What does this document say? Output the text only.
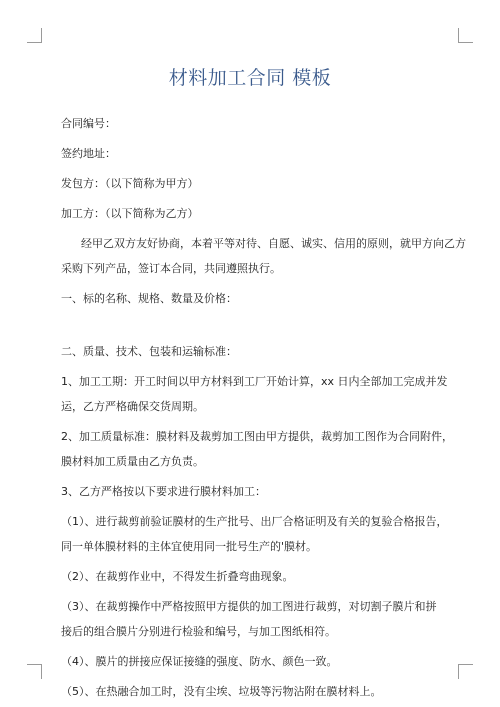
材料加工合同 模板

合同编号：

签约地址：

发包方：（以下简称为甲方）

加工方：（以下简称为乙方）

经甲乙双方友好协商，本着平等对待、自愿、诚实、信用的原则，就甲方向乙方

采购下列产品，签订本合同，共同遵照执行。

一、标的名称、规格、数量及价格：

二、质量、技术、包装和运输标准：

1、加工工期：开工时间以甲方材料到工厂开始计算，xx 日内全部加工完成并发

运，乙方严格确保交货周期。

2、加工质量标准：膜材料及裁剪加工图由甲方提供，裁剪加工图作为合同附件，

膜材料加工质量由乙方负责。

3、乙方严格按以下要求进行膜材料加工：

（1）、进行裁剪前验证膜材的生产批号、出厂合格证明及有关的复验合格报告，

同一单体膜材料的主体宜使用同一批号生产的'膜材。

（2）、在裁剪作业中，不得发生折叠弯曲现象。

（3）、在裁剪操作中严格按照甲方提供的加工图进行裁剪，对切割子膜片和拼

接后的组合膜片分别进行检验和编号，与加工图纸相符。

（4）、膜片的拼接应保证接缝的强度、防水、颜色一致。

（5）、在热融合加工时，没有尘埃、垃圾等污物沾附在膜材料上。
